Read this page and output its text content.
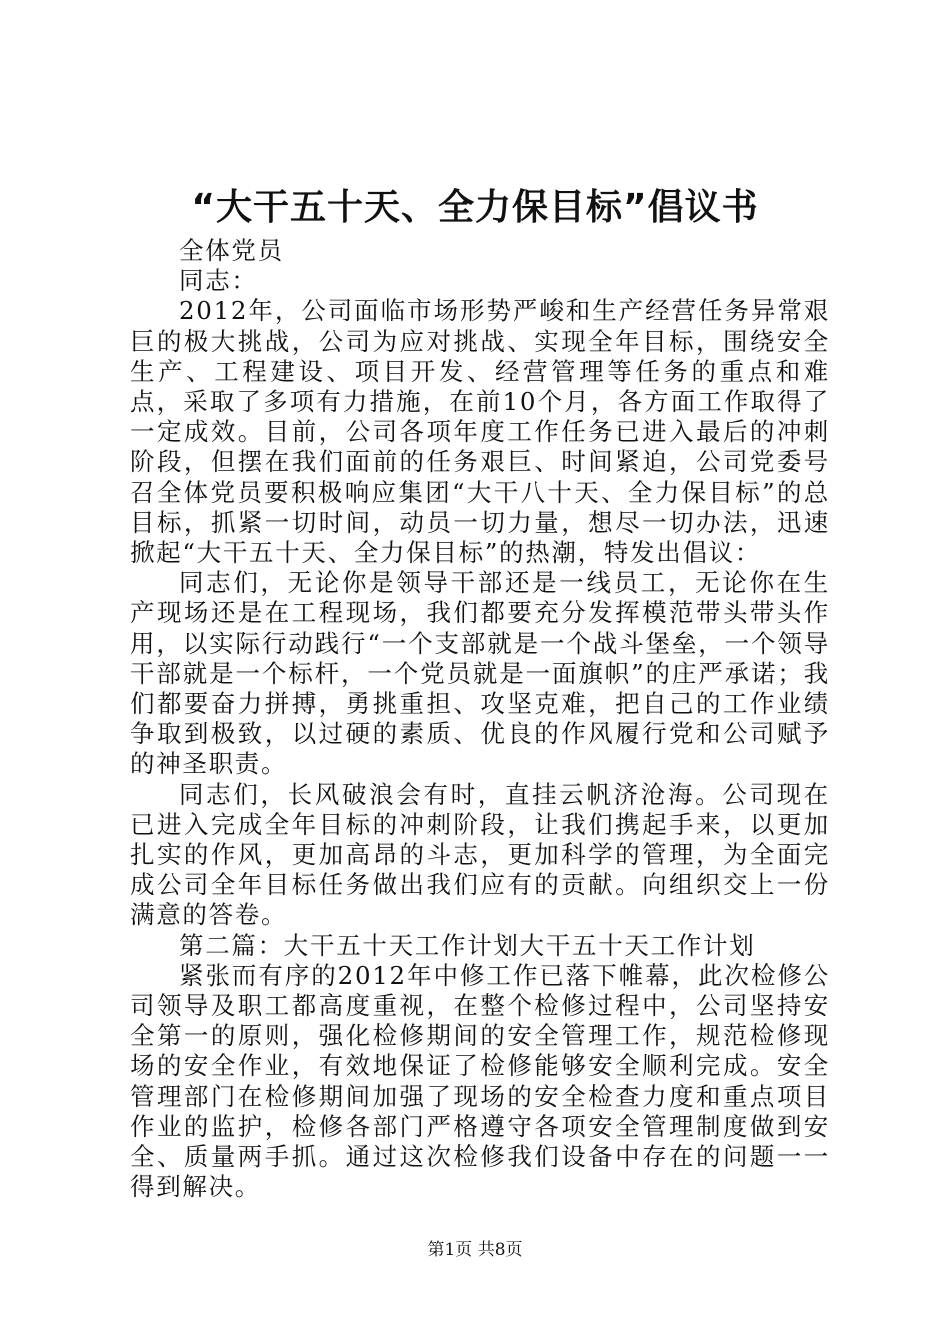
“大干五十天、全力保目标”倡议书

全体党员

同志：

2012年，公司面临市场形势严峻和生产经营任务异常艰巨的极大挑战，公司为应对挑战、实现全年目标，围绕安全生产、工程建设、项目开发、经营管理等任务的重点和难点，采取了多项有力措施，在前10个月，各方面工作取得了一定成效。目前，公司各项年度工作任务已进入最后的冲刺阶段，但摆在我们面前的任务艰巨、时间紧迫，公司党委号召全体党员要积极响应集团“大干八十天、全力保目标”的总目标，抓紧一切时间，动员一切力量，想尽一切办法，迅速掀起“大干五十天、全力保目标”的热潮，特发出倡议：

同志们，无论你是领导干部还是一线员工，无论你在生产现场还是在工程现场，我们都要充分发挥模范带头带头作用，以实际行动践行“一个支部就是一个战斗堡垒，一个领导干部就是一个标杆，一个党员就是一面旗帜”的庄严承诺；我们都要奋力拼搏，勇挑重担、攻坚克难，把自己的工作业绩争取到极致，以过硬的素质、优良的作风履行党和公司赋予的神圣职责。

同志们，长风破浪会有时，直挂云帆济沧海。公司现在已进入完成全年目标的冲刺阶段，让我们携起手来，以更加扎实的作风，更加高昂的斗志，更加科学的管理，为全面完成公司全年目标任务做出我们应有的贡献。向组织交上一份满意的答卷。

第二篇：大干五十天工作计划大干五十天工作计划

紧张而有序的2012年中修工作已落下帷幕，此次检修公司领导及职工都高度重视，在整个检修过程中，公司坚持安全第一的原则，强化检修期间的安全管理工作，规范检修现场的安全作业，有效地保证了检修能够安全顺利完成。安全管理部门在检修期间加强了现场的安全检查力度和重点项目作业的监护，检修各部门严格遵守各项安全管理制度做到安全、质量两手抓。通过这次检修我们设备中存在的问题一一得到解决。

第1页 共8页
